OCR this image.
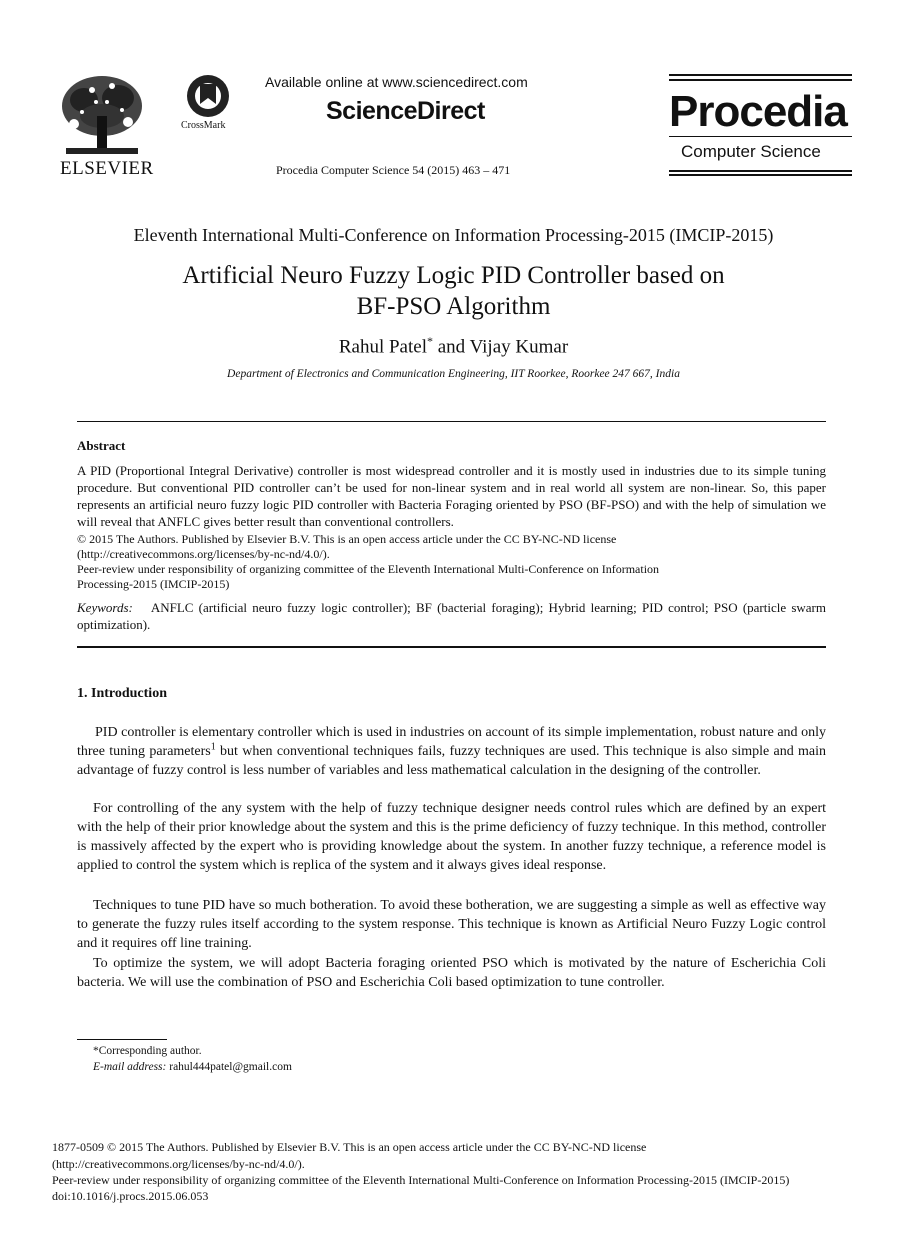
ELSEVIER
CrossMark
Available online at www.sciencedirect.com
ScienceDirect
Procedia Computer Science 54 (2015) 463 – 471
Procedia
Computer Science
Eleventh International Multi-Conference on Information Processing-2015 (IMCIP-2015)
Artificial Neuro Fuzzy Logic PID Controller based on
BF-PSO Algorithm
Rahul Patel* and Vijay Kumar
Department of Electronics and Communication Engineering, IIT Roorkee, Roorkee 247 667, India
Abstract
A PID (Proportional Integral Derivative) controller is most widespread controller and it is mostly used in industries due to its simple tuning procedure. But conventional PID controller can’t be used for non-linear system and in real world all system are non-linear. So, this paper represents an artificial neuro fuzzy logic PID controller with Bacteria Foraging oriented by PSO (BF-PSO) and with the help of simulation we will reveal that ANFLC gives better result than conventional controllers.
© 2015 The Authors. Published by Elsevier B.V. This is an open access article under the CC BY-NC-ND license
(http://creativecommons.org/licenses/by-nc-nd/4.0/).
Peer-review under responsibility of organizing committee of the Eleventh International Multi-Conference on Information
Processing-2015 (IMCIP-2015)
Keywords: ANFLC (artificial neuro fuzzy logic controller); BF (bacterial foraging); Hybrid learning; PID control; PSO (particle swarm optimization).
1. Introduction
PID controller is elementary controller which is used in industries on account of its simple implementation, robust nature and only three tuning parameters$^1$ but when conventional techniques fails, fuzzy techniques are used. This technique is also simple and main advantage of fuzzy control is less number of variables and less mathematical calculation in the designing of the controller.
For controlling of the any system with the help of fuzzy technique designer needs control rules which are defined by an expert with the help of their prior knowledge about the system and this is the prime deficiency of fuzzy technique. In this method, controller is massively affected by the expert who is providing knowledge about the system. In another fuzzy technique, a reference model is applied to control the system which is replica of the system and it always gives ideal response.
Techniques to tune PID have so much botheration. To avoid these botheration, we are suggesting a simple as well as effective way to generate the fuzzy rules itself according to the system response. This technique is known as Artificial Neuro Fuzzy Logic control and it requires off line training.
To optimize the system, we will adopt Bacteria foraging oriented PSO which is motivated by the nature of Escherichia Coli bacteria. We will use the combination of PSO and Escherichia Coli based optimization to tune controller.
*Corresponding author.
E-mail address: rahul444patel@gmail.com
1877-0509 © 2015 The Authors. Published by Elsevier B.V. This is an open access article under the CC BY-NC-ND license
(http://creativecommons.org/licenses/by-nc-nd/4.0/).
Peer-review under responsibility of organizing committee of the Eleventh International Multi-Conference on Information Processing-2015 (IMCIP-2015)
doi:10.1016/j.procs.2015.06.053
